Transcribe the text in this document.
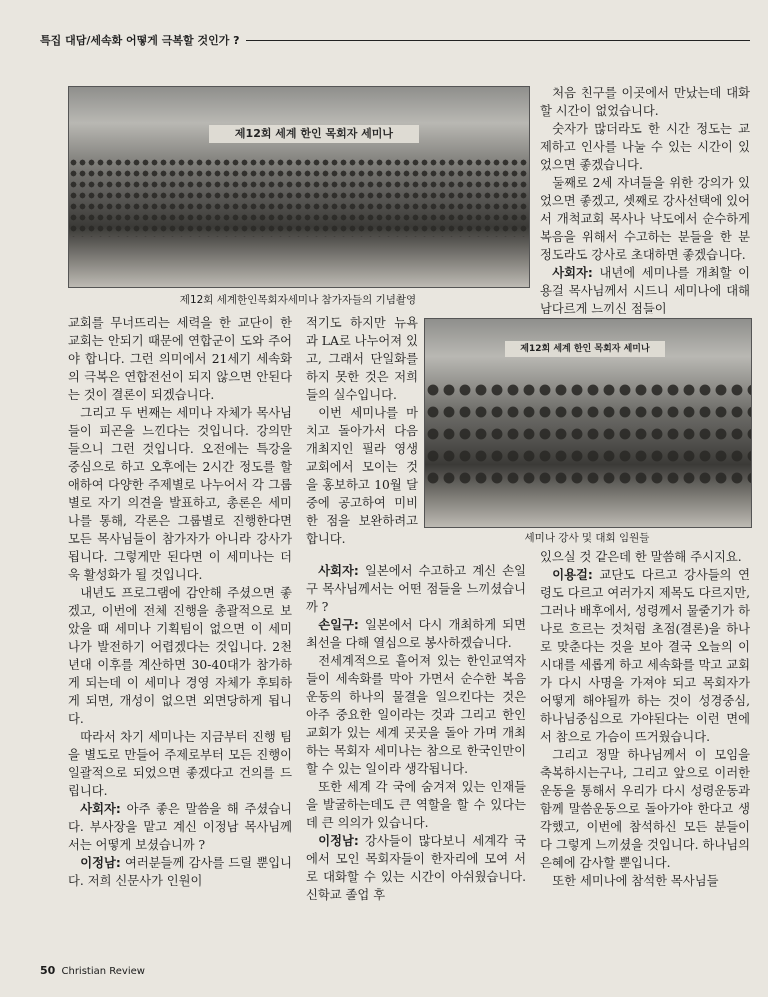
특집 대담/세속화 어떻게 극복할 것인가 ?
제12회 세계 한인 목회자 세미나
제12회 세계한인목회자세미나 참가자들의 기념촬영

처음 친구를 이곳에서 만났는데 대화할 시간이 없었습니다.

숫자가 많더라도 한 시간 정도는 교제하고 인사를 나눌 수 있는 시간이 있었으면 좋겠습니다.

둘째로 2세 자녀들을 위한 강의가 있었으면 좋겠고, 셋째로 강사선택에 있어서 개척교회 목사나 낙도에서 순수하게 복음을 위해서 수고하는 분들을 한 분 정도라도 강사로 초대하면 좋겠습니다.

사회자: 내년에 세미나를 개최할 이용걸 목사님께서 시드니 세미나에 대해 남다르게 느끼신 점들이

교회를 무너뜨리는 세력을 한 교단이 한 교회는 안되기 때문에 연합군이 도와 주어야 합니다. 그런 의미에서 21세기 세속화의 극복은 연합전선이 되지 않으면 안된다는 것이 결론이 되겠습니다.

그리고 두 번째는 세미나 자체가 목사님들이 피곤을 느낀다는 것입니다. 강의만 들으니 그런 것입니다. 오전에는 특강을 중심으로 하고 오후에는 2시간 정도를 할애하여 다양한 주제별로 나누어서 각 그룹별로 자기 의견을 발표하고, 총론은 세미나를 통해, 각론은 그룹별로 진행한다면 모든 목사님들이 참가자가 아니라 강사가 됩니다. 그렇게만 된다면 이 세미나는 더욱 활성화가 될 것입니다.

내년도 프로그램에 감안해 주셨으면 좋겠고, 이번에 전체 진행을 총괄적으로 보았을 때 세미나 기획팀이 없으면 이 세미나가 발전하기 어렵겠다는 것입니다. 2천 년대 이후를 계산하면 30-40대가 참가하게 되는데 이 세미나 경영 자체가 후퇴하게 되면, 개성이 없으면 외면당하게 됩니다.

따라서 차기 세미나는 지금부터 진행 팀을 별도로 만들어 주제로부터 모든 진행이 일괄적으로 되었으면 좋겠다고 건의를 드립니다.

사회자: 아주 좋은 말씀을 해 주셨습니다. 부사장을 맡고 계신 이정남 목사님께서는 어떻게 보셨습니까 ?

이정남: 여러분들께 감사를 드릴 뿐입니다. 저희 신문사가 인원이

적기도 하지만 뉴욕과 LA로 나누어져 있고, 그래서 단일화를 하지 못한 것은 저희들의 실수입니다.

이번 세미나를 마치고 돌아가서 다음 개최지인 필라 영생교회에서 모이는 것을 홍보하고 10월 달 중에 공고하여 미비한 점을 보완하려고 합니다.

제12회 세계 한인 목회자 세미나
세미나 강사 및 대회 임원들

사회자: 일본에서 수고하고 계신 손일구 목사님께서는 어떤 점들을 느끼셨습니까 ?

손일구: 일본에서 다시 개최하게 되면 최선을 다해 열심으로 봉사하겠습니다.

전세계적으로 흩어져 있는 한인교역자들이 세속화를 막아 가면서 순수한 복음운동의 하나의 물결을 일으킨다는 것은 아주 중요한 일이라는 것과 그리고 한인교회가 있는 세계 곳곳을 돌아 가며 개최하는 목회자 세미나는 참으로 한국인만이 할 수 있는 일이라 생각됩니다.

또한 세계 각 국에 숨겨져 있는 인재들을 발굴하는데도 큰 역할을 할 수 있다는데 큰 의의가 있습니다.

이정남: 강사들이 많다보니 세계각 국에서 모인 목회자들이 한자리에 모여 서로 대화할 수 있는 시간이 아쉬웠습니다. 신학교 졸업 후

있으실 것 같은데 한 말씀해 주시지요.

이용걸: 교단도 다르고 강사들의 연령도 다르고 여러가지 제목도 다르지만, 그러나 배후에서, 성령께서 물줄기가 하나로 흐르는 것처럼 초점(결론)을 하나로 맞춘다는 것을 보아 결국 오늘의 이 시대를 세롭게 하고 세속화를 막고 교회가 다시 사명을 가져야 되고 목회자가 어떻게 해야될까 하는 것이 성경중심, 하나님중심으로 가야된다는 이런 면에서 참으로 가슴이 뜨거웠습니다.

그리고 정말 하나님께서 이 모임을 축복하시는구나, 그리고 앞으로 이러한 운동을 통해서 우리가 다시 성령운동과 함께 말씀운동으로 돌아가야 한다고 생각했고, 이번에 참석하신 모든 분들이 다 그렇게 느끼셨을 것입니다. 하나님의 은혜에 감사할 뿐입니다.

또한 세미나에 참석한 목사님들

50 Christian Review
